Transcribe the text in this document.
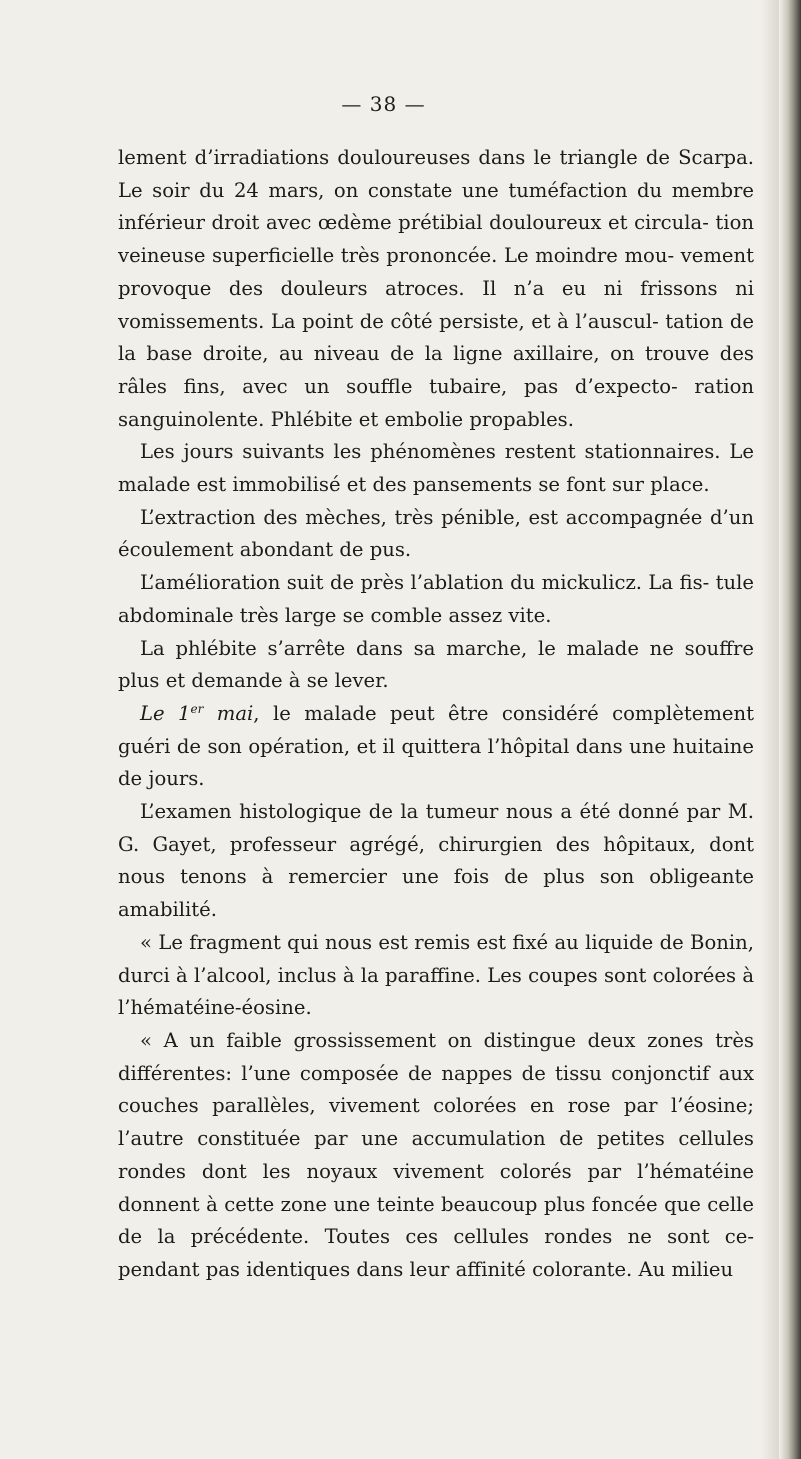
— 38 —

lement d’irradiations douloureuses dans le triangle de Scarpa. Le soir du 24 mars, on constate une tuméfaction du membre inférieur droit avec œdème prétibial douloureux et circula- tion veineuse superficielle très prononcée. Le moindre mou- vement provoque des douleurs atroces. Il n’a eu ni frissons ni vomissements. La point de côté persiste, et à l’auscul- tation de la base droite, au niveau de la ligne axillaire, on trouve des râles fins, avec un souffle tubaire, pas d’expecto- ration sanguinolente. Phlébite et embolie propables.

Les jours suivants les phénomènes restent stationnaires. Le malade est immobilisé et des pansements se font sur place.

L’extraction des mèches, très pénible, est accompagnée d’un écoulement abondant de pus.

L’amélioration suit de près l’ablation du mickulicz. La fis- tule abdominale très large se comble assez vite.

La phlébite s’arrête dans sa marche, le malade ne souffre plus et demande à se lever.

Le 1er mai, le malade peut être considéré complètement guéri de son opération, et il quittera l’hôpital dans une huitaine de jours.

L’examen histologique de la tumeur nous a été donné par M. G. Gayet, professeur agrégé, chirurgien des hôpitaux, dont nous tenons à remercier une fois de plus son obligeante amabilité.

« Le fragment qui nous est remis est fixé au liquide de Bonin, durci à l’alcool, inclus à la paraffine. Les coupes sont colorées à l’hématéine-éosine.

« A un faible grossissement on distingue deux zones très différentes: l’une composée de nappes de tissu conjonctif aux couches parallèles, vivement colorées en rose par l’éosine; l’autre constituée par une accumulation de petites cellules rondes dont les noyaux vivement colorés par l’hématéine donnent à cette zone une teinte beaucoup plus foncée que celle de la précédente. Toutes ces cellules rondes ne sont ce- pendant pas identiques dans leur affinité colorante. Au milieu
